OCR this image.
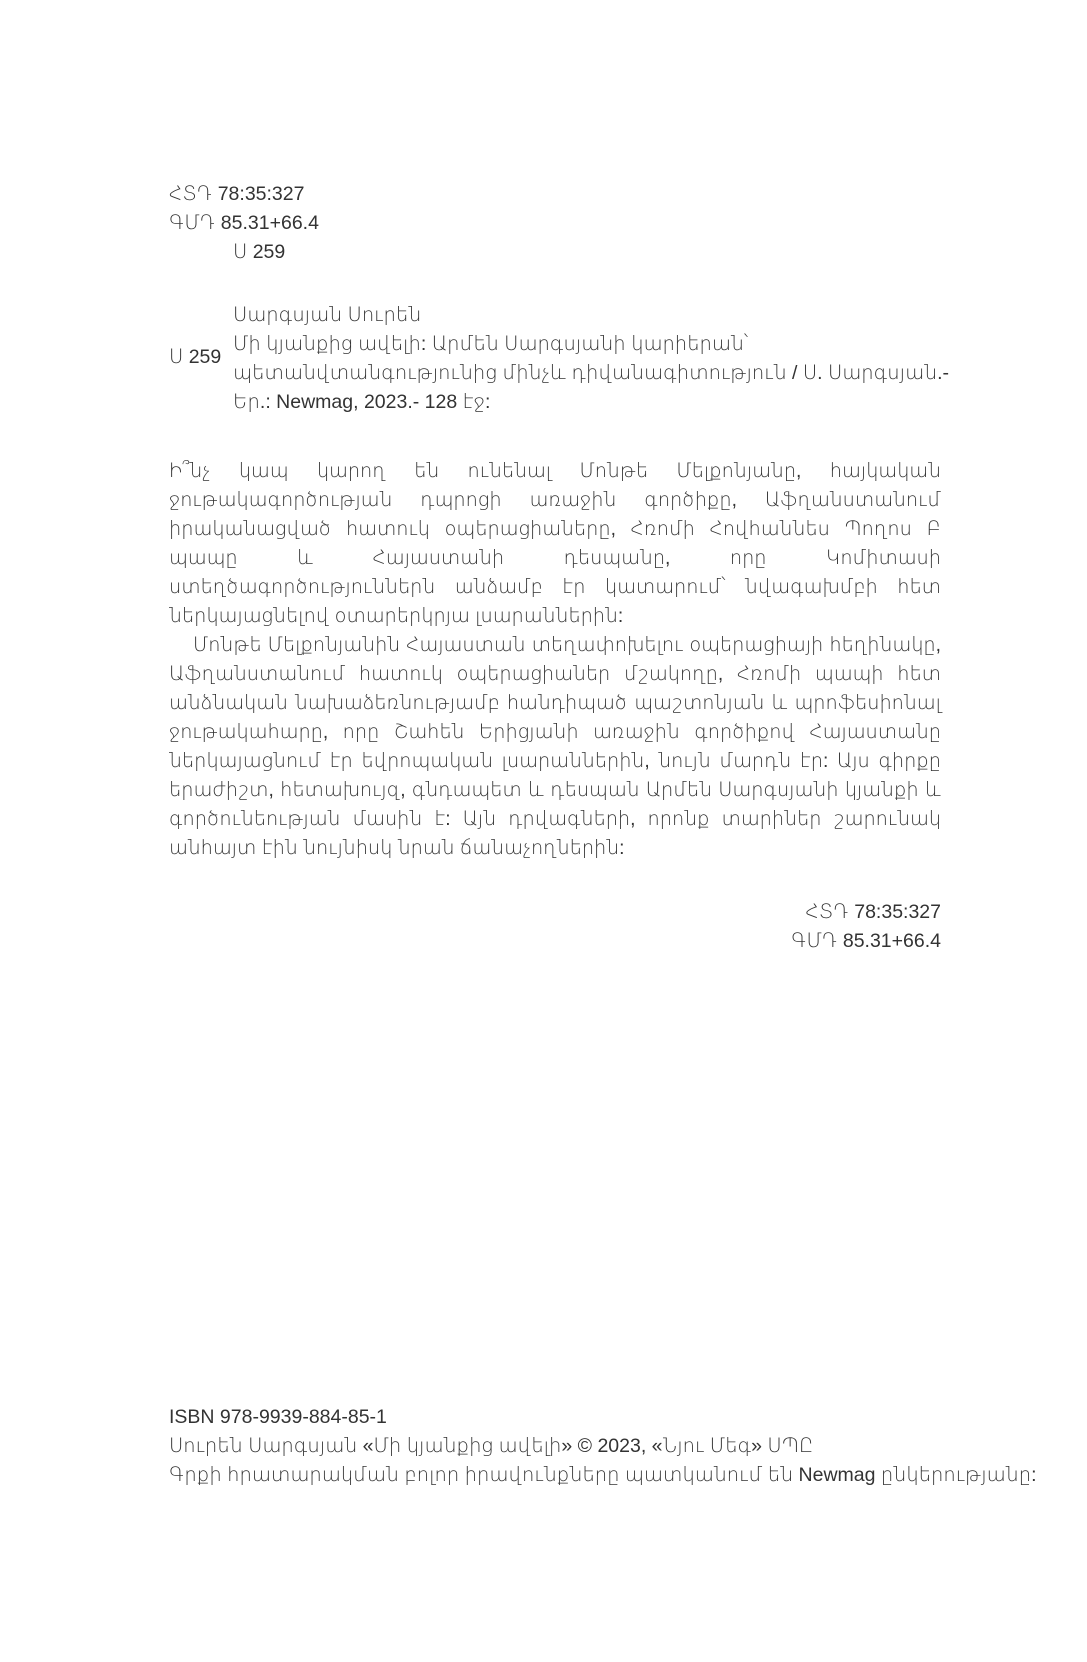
ՀՏԴ 78:35:327
ԳՄԴ 85.31+66.4
Ս 259
Ս 259
Սարգսյան Սուրեն
Մի կյանքից ավելի: Արմեն Սարգսյանի կարիերան՝
պետանվտանգությունից մինչև դիվանագիտություն / Ս. Սարգսյան.-
Եր.: Newmag, 2023.- 128 էջ:

Ի՞նչ կապ կարող են ունենալ Մոնթե Մելքոնյանը, հայկական ջութակագործության դպրոցի առաջին գործիքը, Աֆղանստանում իրականացված հատուկ օպերացիաները, Հռոմի Հովհաննես Պողոս Բ պապը և Հայաստանի դեսպանը, որը Կոմիտասի ստեղծագործություններն անձամբ էր կատարում՝ նվագախմբի հետ ներկայացնելով օտարերկրյա լսարաններին:

Մոնթե Մելքոնյանին Հայաստան տեղափոխելու օպերացիայի հեղինակը, Աֆղանստանում հատուկ օպերացիաներ մշակողը, Հռոմի պապի հետ անձնական նախաձեռնությամբ հանդիպած պաշտոնյան և պրոֆեսիոնալ ջութակահարը, որը Շահեն Երիցյանի առաջին գործիքով Հայաստանը ներկայացնում էր եվրոպական լսարաններին, նույն մարդն էր: Այս գիրքը երաժիշտ, հետախույզ, գնդապետ և դեսպան Արմեն Սարգսյանի կյանքի և գործունեության մասին է: Այն դրվագների, որոնք տարիներ շարունակ անհայտ էին նույնիսկ նրան ճանաչողներին:

ՀՏԴ 78:35:327
ԳՄԴ 85.31+66.4
ISBN 978-9939-884-85-1
Սուրեն Սարգսյան «Մի կյանքից ավելի» © 2023, «Նյու Մեգ» ՍՊԸ
Գրքի հրատարակման բոլոր իրավունքները պատկանում են Newmag ընկերությանը:
